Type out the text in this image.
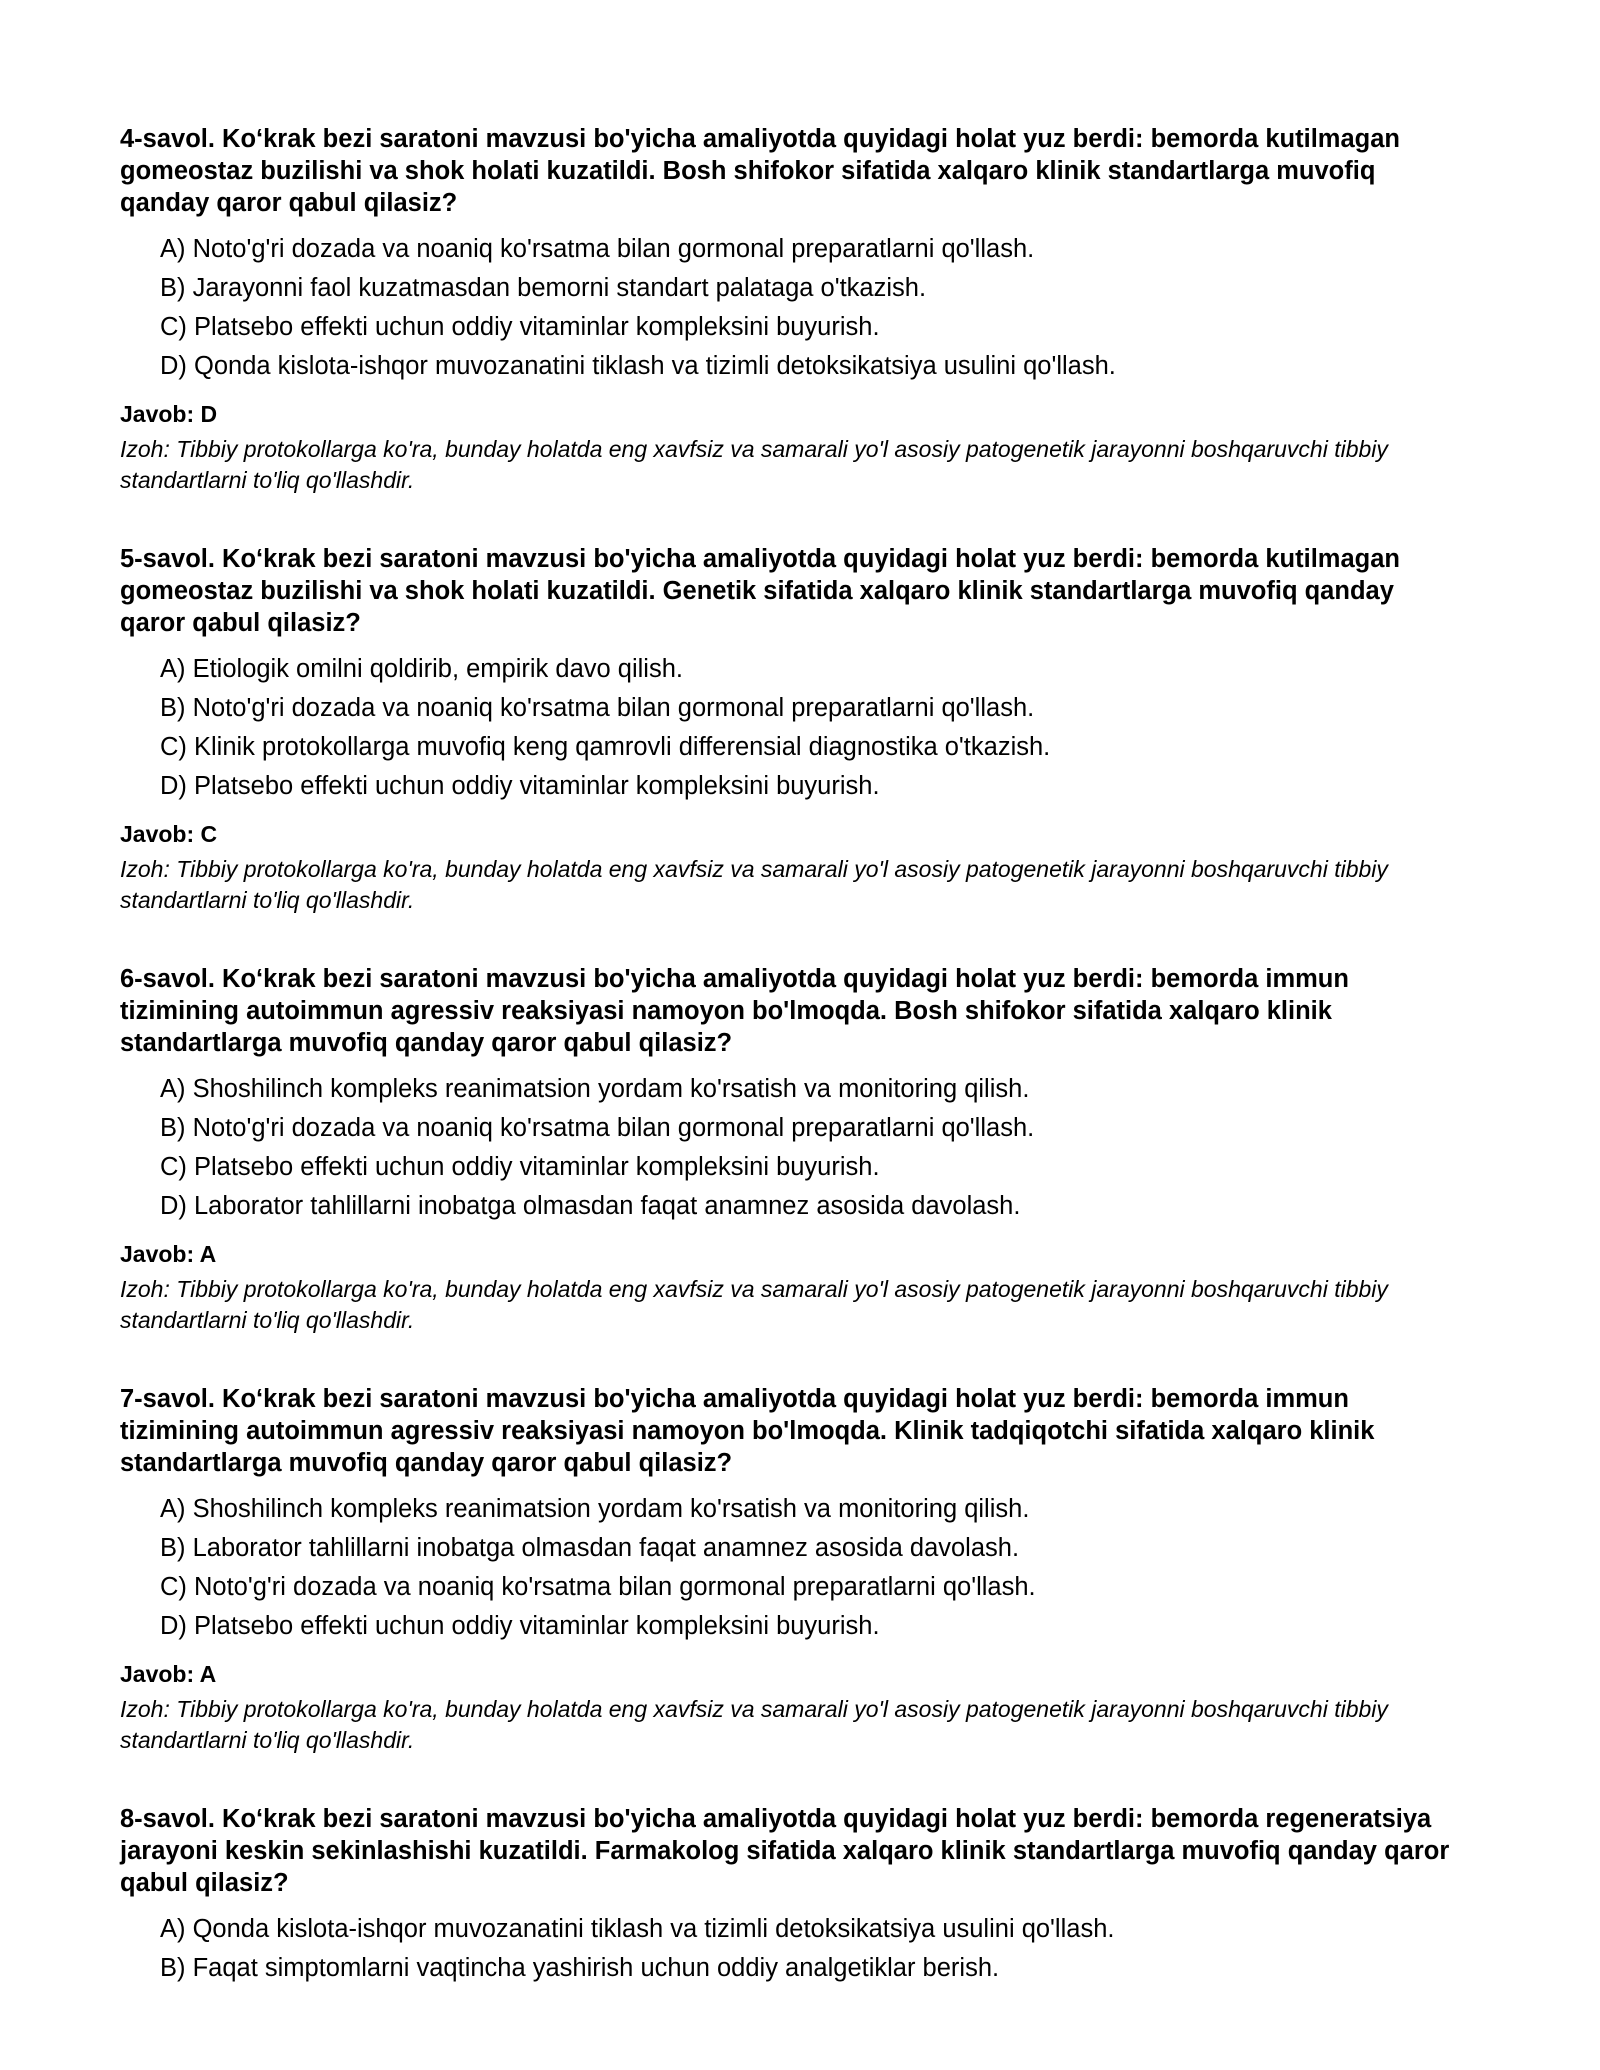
4-savol. Ko‘krak bezi saratoni mavzusi bo'yicha amaliyotda quyidagi holat yuz berdi: bemorda kutilmagan gomeostaz buzilishi va shok holati kuzatildi. Bosh shifokor sifatida xalqaro klinik standartlarga muvofiq qanday qaror qabul qilasiz?

A) Noto'g'ri dozada va noaniq ko'rsatma bilan gormonal preparatlarni qo'llash.
B) Jarayonni faol kuzatmasdan bemorni standart palataga o'tkazish.
C) Platsebo effekti uchun oddiy vitaminlar kompleksini buyurish.
D) Qonda kislota-ishqor muvozanatini tiklash va tizimli detoksikatsiya usulini qo'llash.

Javob: D

Izoh: Tibbiy protokollarga ko'ra, bunday holatda eng xavfsiz va samarali yo'l asosiy patogenetik jarayonni boshqaruvchi tibbiy standartlarni to'liq qo'llashdir.

5-savol. Ko‘krak bezi saratoni mavzusi bo'yicha amaliyotda quyidagi holat yuz berdi: bemorda kutilmagan gomeostaz buzilishi va shok holati kuzatildi. Genetik sifatida xalqaro klinik standartlarga muvofiq qanday qaror qabul qilasiz?

A) Etiologik omilni qoldirib, empirik davo qilish.
B) Noto'g'ri dozada va noaniq ko'rsatma bilan gormonal preparatlarni qo'llash.
C) Klinik protokollarga muvofiq keng qamrovli differensial diagnostika o'tkazish.
D) Platsebo effekti uchun oddiy vitaminlar kompleksini buyurish.

Javob: C

Izoh: Tibbiy protokollarga ko'ra, bunday holatda eng xavfsiz va samarali yo'l asosiy patogenetik jarayonni boshqaruvchi tibbiy standartlarni to'liq qo'llashdir.

6-savol. Ko‘krak bezi saratoni mavzusi bo'yicha amaliyotda quyidagi holat yuz berdi: bemorda immun tizimining autoimmun agressiv reaksiyasi namoyon bo'lmoqda. Bosh shifokor sifatida xalqaro klinik standartlarga muvofiq qanday qaror qabul qilasiz?

A) Shoshilinch kompleks reanimatsion yordam ko'rsatish va monitoring qilish.
B) Noto'g'ri dozada va noaniq ko'rsatma bilan gormonal preparatlarni qo'llash.
C) Platsebo effekti uchun oddiy vitaminlar kompleksini buyurish.
D) Laborator tahlillarni inobatga olmasdan faqat anamnez asosida davolash.

Javob: A

Izoh: Tibbiy protokollarga ko'ra, bunday holatda eng xavfsiz va samarali yo'l asosiy patogenetik jarayonni boshqaruvchi tibbiy standartlarni to'liq qo'llashdir.

7-savol. Ko‘krak bezi saratoni mavzusi bo'yicha amaliyotda quyidagi holat yuz berdi: bemorda immun tizimining autoimmun agressiv reaksiyasi namoyon bo'lmoqda. Klinik tadqiqotchi sifatida xalqaro klinik standartlarga muvofiq qanday qaror qabul qilasiz?

A) Shoshilinch kompleks reanimatsion yordam ko'rsatish va monitoring qilish.
B) Laborator tahlillarni inobatga olmasdan faqat anamnez asosida davolash.
C) Noto'g'ri dozada va noaniq ko'rsatma bilan gormonal preparatlarni qo'llash.
D) Platsebo effekti uchun oddiy vitaminlar kompleksini buyurish.

Javob: A

Izoh: Tibbiy protokollarga ko'ra, bunday holatda eng xavfsiz va samarali yo'l asosiy patogenetik jarayonni boshqaruvchi tibbiy standartlarni to'liq qo'llashdir.

8-savol. Ko‘krak bezi saratoni mavzusi bo'yicha amaliyotda quyidagi holat yuz berdi: bemorda regeneratsiya jarayoni keskin sekinlashishi kuzatildi. Farmakolog sifatida xalqaro klinik standartlarga muvofiq qanday qaror qabul qilasiz?

A) Qonda kislota-ishqor muvozanatini tiklash va tizimli detoksikatsiya usulini qo'llash.
B) Faqat simptomlarni vaqtincha yashirish uchun oddiy analgetiklar berish.
